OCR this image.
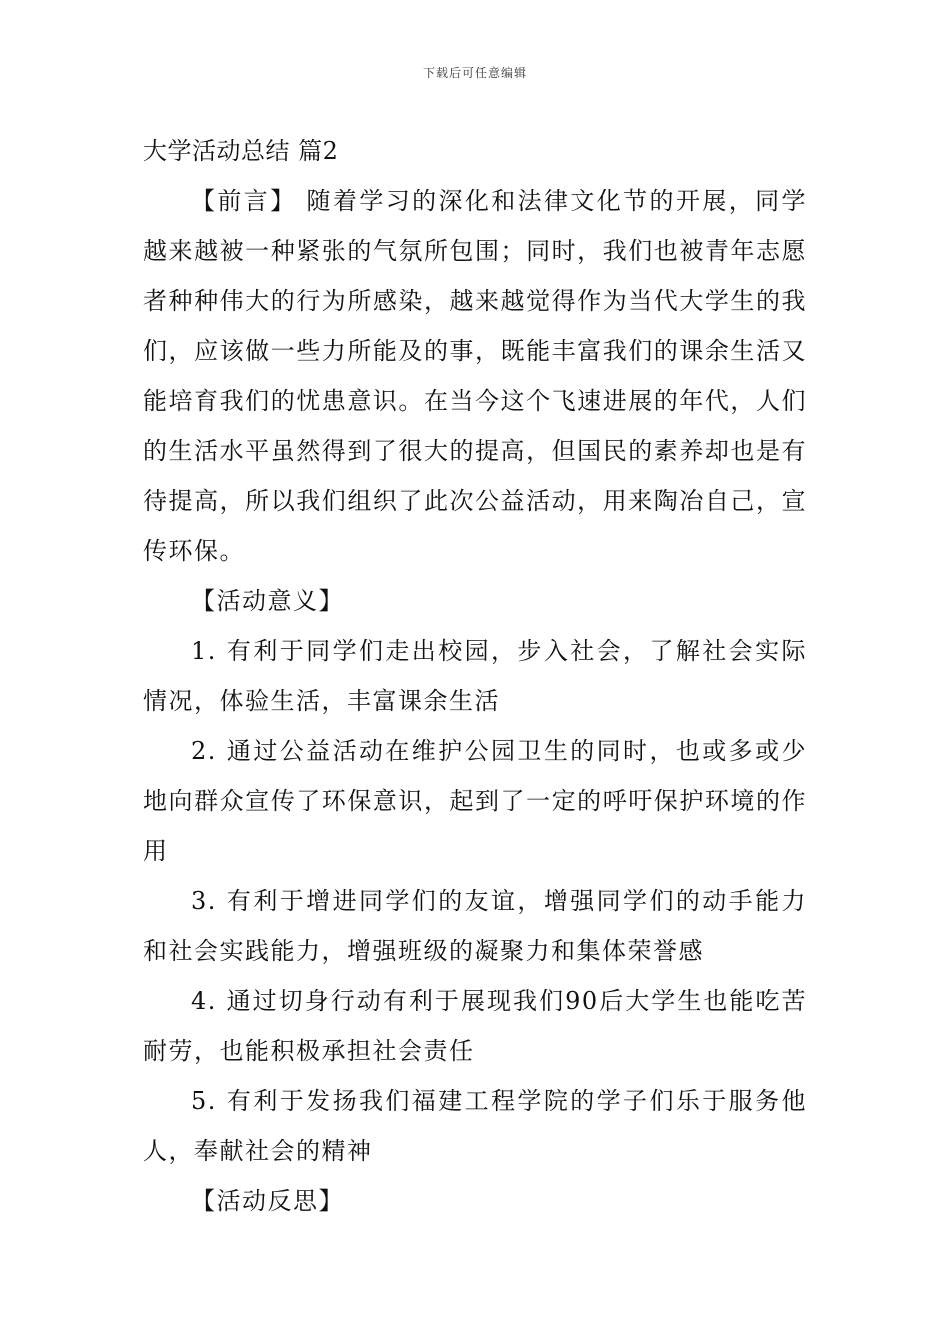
下载后可任意编辑
大学活动总结 篇2

【前言】 随着学习的深化和法律文化节的开展，同学越来越被一种紧张的气氛所包围；同时，我们也被青年志愿者种种伟大的行为所感染，越来越觉得作为当代大学生的我们，应该做一些力所能及的事，既能丰富我们的课余生活又能培育我们的忧患意识。在当今这个飞速进展的年代，人们的生活水平虽然得到了很大的提高，但国民的素养却也是有待提高，所以我们组织了此次公益活动，用来陶冶自己，宣传环保。

【活动意义】

1. 有利于同学们走出校园，步入社会，了解社会实际情况，体验生活，丰富课余生活

2. 通过公益活动在维护公园卫生的同时，也或多或少地向群众宣传了环保意识，起到了一定的呼吁保护环境的作用

3. 有利于增进同学们的友谊，增强同学们的动手能力和社会实践能力，增强班级的凝聚力和集体荣誉感

4. 通过切身行动有利于展现我们90后大学生也能吃苦耐劳，也能积极承担社会责任

5. 有利于发扬我们福建工程学院的学子们乐于服务他人，奉献社会的精神

【活动反思】
